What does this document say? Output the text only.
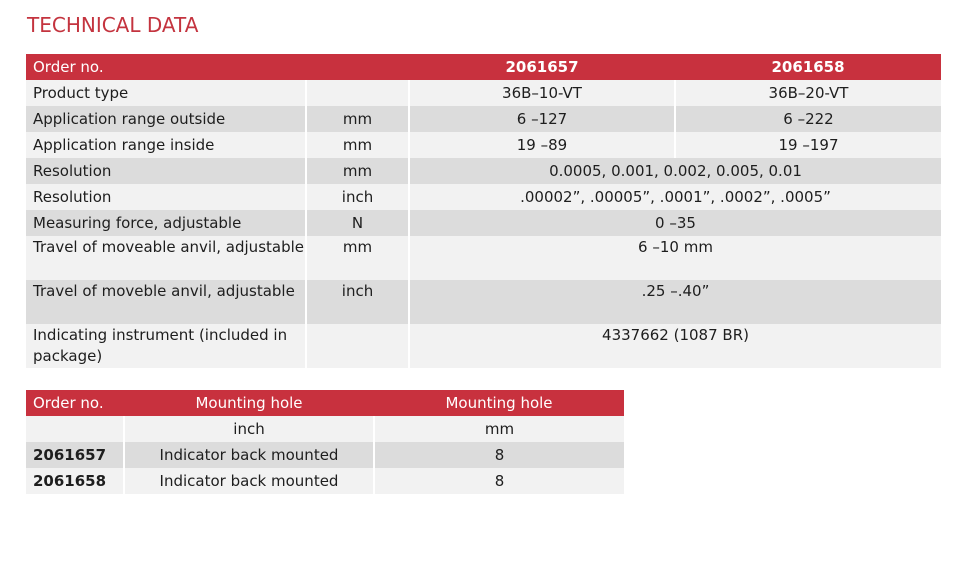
TECHNICAL DATA
Order no.		2061657	2061658
Product type		36B–10-VT	36B–20-VT
Application range outside	mm	6 –127	6 –222
Application range inside	mm	19 –89	19 –197
Resolution	mm	0.0005, 0.001, 0.002, 0.005, 0.01	
Resolution	inch	.00002”, .00005”, .0001”, .0002”, .0005”	
Measuring force, adjustable	N	0 –35	
Travel of moveable anvil, adjustable	mm	6 –10 mm	
Travel of moveble anvil, adjustable	inch	.25 –.40”	
Indicating instrument (included in package)		4337662 (1087 BR)	
Order no.	Mounting hole	Mounting hole
	inch	mm
2061657	Indicator back mounted	8
2061658	Indicator back mounted	8
